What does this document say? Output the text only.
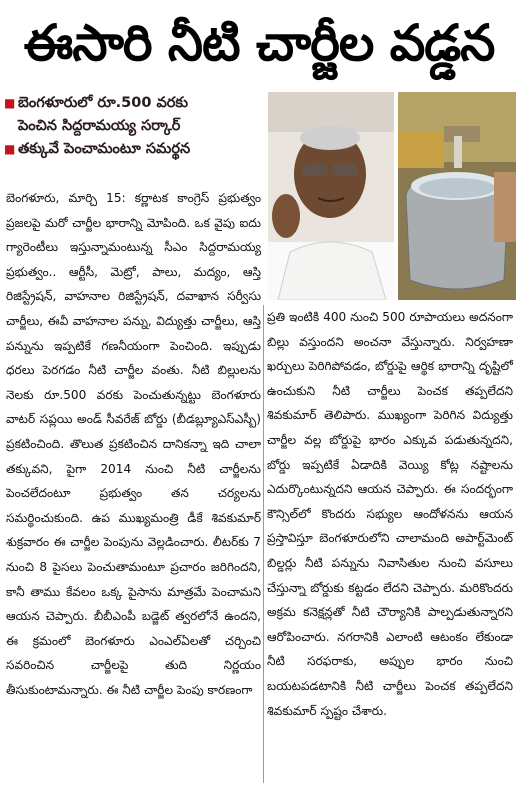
ఈసారి నీటి చార్జీల వడ్డన
■ బెంగళూరులో రూ.500 వరకు
పెంచిన సిద్దరామయ్య సర్కార్
■ తక్కువే పెంచామంటూ సమర్థన

బెంగళూరు, మార్చి 15: కర్ణాటక కాంగ్రెస్ ప్రభుత్వం ప్రజలపై మరో చార్జీల భారాన్ని మోపింది. ఒక వైపు ఐదు గ్యారెంటీలు ఇస్తున్నామంటున్న సీఎం సిద్దరామయ్య ప్రభుత్వం.. ఆర్టీసీ, మెట్రో, పాలు, మద్యం, ఆస్తి రిజిస్ట్రేషన్, వాహనాల రిజిస్ట్రేషన్, దవాఖాన సర్వీసు చార్జీలు, ఈవీ వాహనాల పన్ను, విద్యుత్తు చార్జీలు, ఆస్తి పన్నును ఇప్పటికే గణనీయంగా పెంచింది. ఇప్పుడు ధరలు పెరగడం నీటి చార్జీల వంతు. నీటి బిల్లులను నెలకు రూ.500 వరకు పెంచుతున్నట్టు బెంగళూరు వాటర్ సప్లయి అండ్ సీవరేజ్ బోర్డు (బీడబ్ల్యూఎస్ఎస్బీ) ప్రకటించింది. తొలుత ప్రకటించిన దానికన్నా ఇది చాలా తక్కువని, పైగా 2014 నుంచి నీటి చార్జీలను పెంచలేదంటూ ప్రభుత్వం తన చర్యలను సమర్థించుకుంది. ఉప ముఖ్యమంత్రి డీకే శివకుమార్ శుక్రవారం ఈ చార్జీల పెంపును వెల్లడించారు. లీటర్‌కు 7 నుంచి 8 పైసలు పెంచుతామంటూ ప్రచారం జరిగిందని, కానీ తాము కేవలం ఒక్క పైసాను మాత్రమే పెంచామని ఆయన చెప్పారు. బీబీఎంపీ బడ్జెట్ త్వరలోనే ఉందని, ఈ క్రమంలో బెంగళూరు ఎంఎల్ఏలతో చర్చించి సవరించిన చార్జీలపై తుది నిర్ణయం తీసుకుంటామన్నారు. ఈ నీటి చార్జీల పెంపు కారణంగా

ప్రతి ఇంటికి 400 నుంచి 500 రూపాయలు అదనంగా బిల్లు వస్తుందని అంచనా వేస్తున్నారు. నిర్వహణా ఖర్చులు పెరిగిపోవడం, బోర్డుపై ఆర్థిక భారాన్ని దృష్టిలో ఉంచుకుని నీటి చార్జీలు పెంచక తప్పలేదని శివకుమార్ తెలిపారు. ముఖ్యంగా పెరిగిన విద్యుత్తు చార్జీల వల్ల బోర్డుపై భారం ఎక్కువ పడుతున్నదని, బోర్డు ఇప్పటికే ఏడాదికి వెయ్యి కోట్ల నష్టాలను ఎదుర్కొంటున్నదని ఆయన చెప్పారు. ఈ సందర్భంగా కౌన్సిల్‌లో కొందరు సభ్యుల ఆందోళనను ఆయన ప్రస్తావిస్తూ బెంగళూరులోని చాలామంది అపార్ట్‌మెంట్ బిల్డర్లు నీటి పన్నును నివాసితుల నుంచి వసూలు చేస్తున్నా బోర్డుకు కట్టడం లేదని చెప్పారు. మరికొందరు అక్రమ కనెక్షన్లతో నీటి చౌర్యానికి పాల్పడుతున్నారని ఆరోపించారు. నగరానికి ఎలాంటి ఆటంకం లేకుండా నీటి సరఫరాకు, అప్పుల భారం నుంచి బయటపడటానికి నీటి చార్జీలు పెంచక తప్పలేదని శివకుమార్ స్పష్టం చేశారు.
